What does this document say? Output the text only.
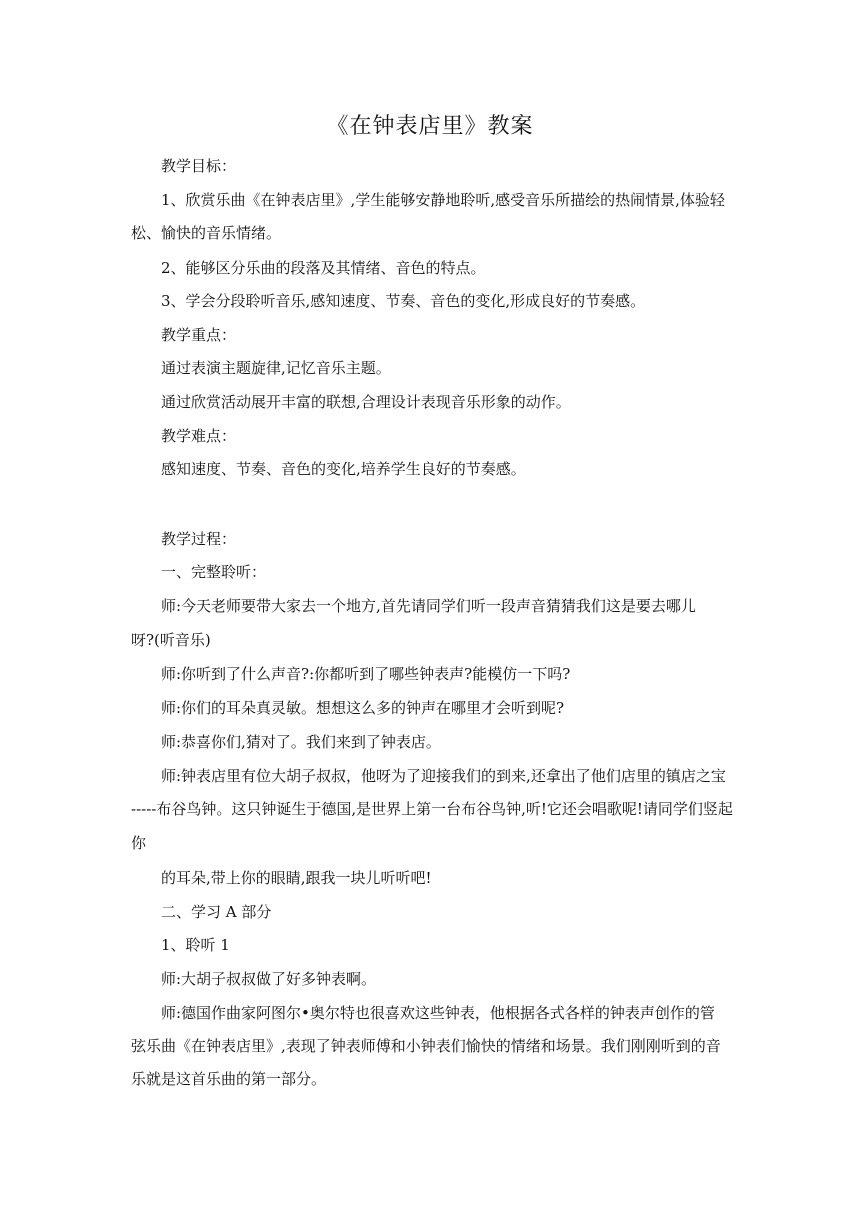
《在钟表店里》教案
教学目标：
1、欣赏乐曲《在钟表店里》,学生能够安静地聆听,感受音乐所描绘的热闹情景,体验轻
松、愉快的音乐情绪。
2、能够区分乐曲的段落及其情绪、音色的特点。
3、学会分段聆听音乐,感知速度、节奏、音色的变化,形成良好的节奏感。
教学重点：
通过表演主题旋律,记忆音乐主题。
通过欣赏活动展开丰富的联想,合理设计表现音乐形象的动作。
教学难点：
感知速度、节奏、音色的变化,培养学生良好的节奏感。
教学过程：
一、完整聆听：
师:今天老师要带大家去一个地方,首先请同学们听一段声音猜猜我们这是要去哪儿
呀?(听音乐)
师:你听到了什么声音?:你都听到了哪些钟表声?能模仿一下吗?
师:你们的耳朵真灵敏。想想这么多的钟声在哪里才会听到呢?
师:恭喜你们,猜对了。我们来到了钟表店。
师:钟表店里有位大胡子叔叔，他呀为了迎接我们的到来,还拿出了他们店里的镇店之宝
-----布谷鸟钟。这只钟诞生于德国,是世界上第一台布谷鸟钟,听!它还会唱歌呢!请同学们竖起
你
的耳朵,带上你的眼睛,跟我一块儿听听吧!
二、学习 A 部分
1、聆听 1
师:大胡子叔叔做了好多钟表啊。
师:德国作曲家阿图尔•奥尔特也很喜欢这些钟表，他根据各式各样的钟表声创作的管
弦乐曲《在钟表店里》,表现了钟表师傅和小钟表们愉快的情绪和场景。我们刚刚听到的音
乐就是这首乐曲的第一部分。
